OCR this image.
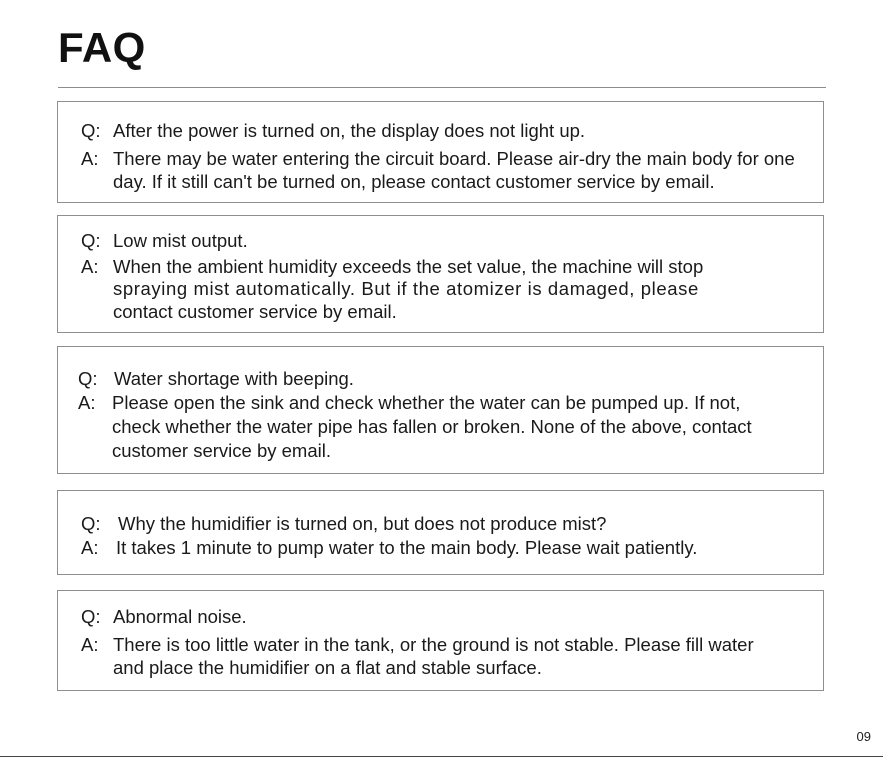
FAQ
Q: After the power is turned on, the display does not light up.
A: There may be water entering the circuit board. Please air-dry the main body for one
day. If it still can't be turned on, please contact customer service by email.
Q: Low mist output.
A: When the ambient humidity exceeds the set value, the machine will stop
spraying mist automatically. But if the atomizer is damaged, please
contact customer service by email.
Q: Water shortage with beeping.
A: Please open the sink and check whether the water can be pumped up. If not,
check whether the water pipe has fallen or broken. None of the above, contact
customer service by email.
Q: Why the humidifier is turned on, but does not produce mist?
A: It takes 1 minute to pump water to the main body. Please wait patiently.
Q: Abnormal noise.
A: There is too little water in the tank, or the ground is not stable. Please fill water
and place the humidifier on a flat and stable surface.
09
